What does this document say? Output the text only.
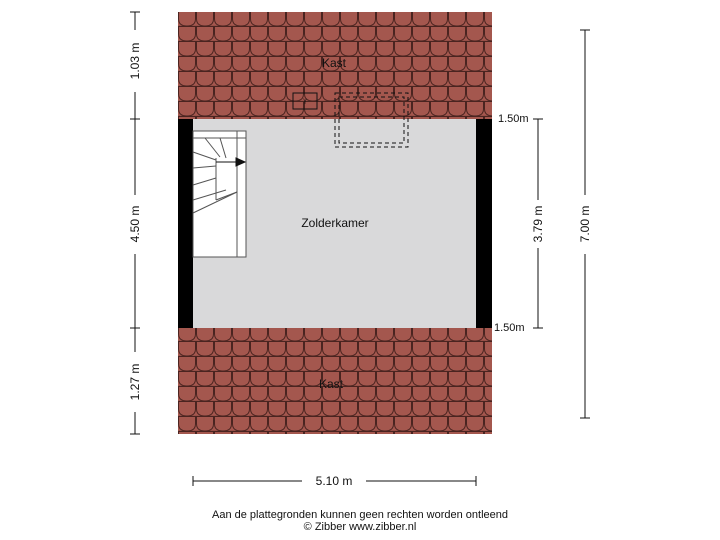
ᵞ
Kast
Zolderkamer
Kast
1.03 m
4.50 m
1.27 m
3.79 m	7.00 m
1.50m
1.50m
5.10 m
Aan de plattegronden kunnen geen rechten worden ontleend
© Zibber www.zibber.nl
